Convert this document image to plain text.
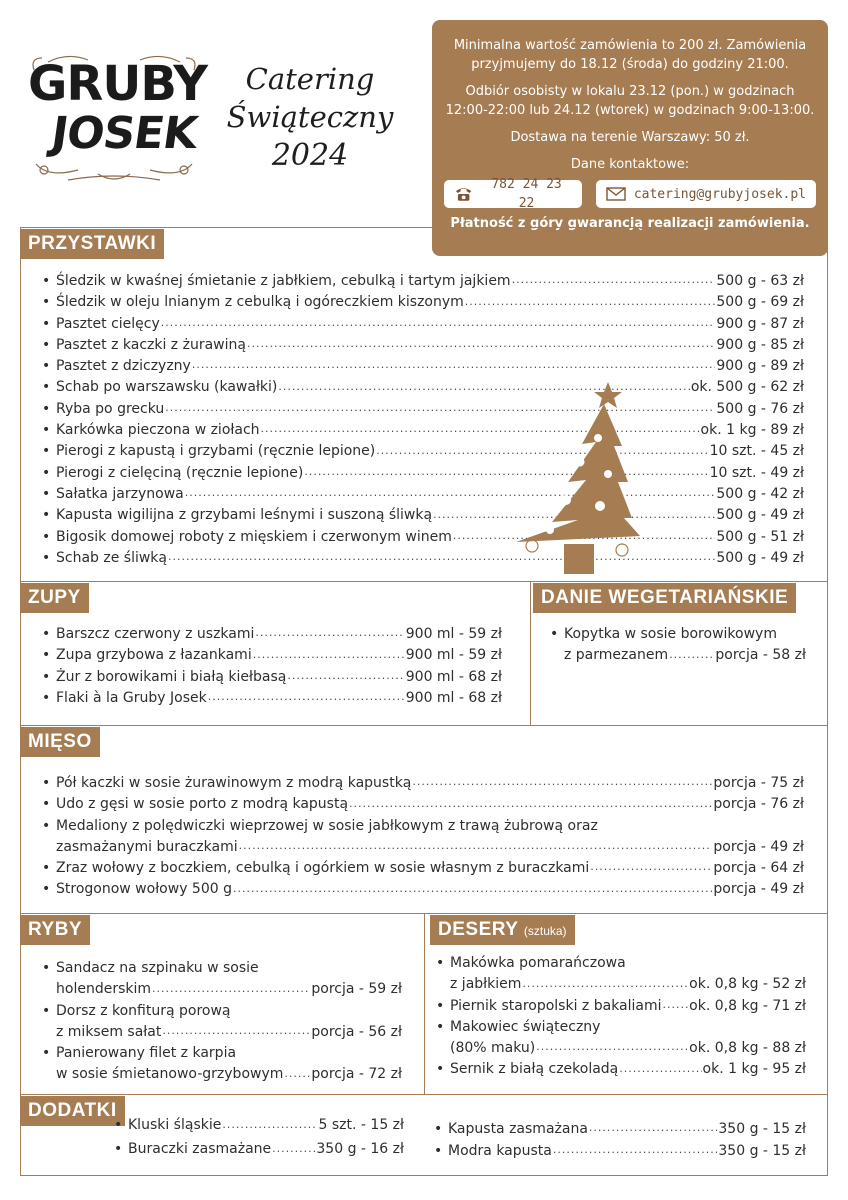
GRUBY
JOSEK
Catering
Świąteczny
2024

Minimalna wartość zamówienia to 200 zł. Zamówienia przyjmujemy do 18.12 (środa) do godziny 21:00.

Odbiór osobisty w lokalu 23.12 (pon.) w godzinach 12:00-22:00 lub 24.12 (wtorek) w godzinach 9:00-13:00.

Dostawa na terenie Warszawy: 50 zł.

Dane kontaktowe:

782 24 23 22
catering@grubyjosek.pl

Płatność z góry gwarancją realizacji zamówienia.

PRZYSTAWKI
• Śledzik w kwaśnej śmietanie z jabłkiem, cebulką i tartym jajkiem .....	500 g - 63 zł
• Śledzik w oleju lnianym z cebulką i ogóreczkiem kiszonym .....	500 g - 69 zł
• Pasztet cielęcy .....	900 g - 87 zł
• Pasztet z kaczki z żurawiną .....	900 g - 85 zł
• Pasztet z dziczyzny .....	900 g - 89 zł
• Schab po warszawsku (kawałki) .....	ok. 500 g - 62 zł
• Ryba po grecku .....	500 g - 76 zł
• Karkówka pieczona w ziołach .....	ok. 1 kg - 89 zł
• Pierogi z kapustą i grzybami (ręcznie lepione) .....	10 szt. - 45 zł
• Pierogi z cielęciną (ręcznie lepione) .....	10 szt. - 49 zł
• Sałatka jarzynowa .....	500 g - 42 zł
• Kapusta wigilijna z grzybami leśnymi i suszoną śliwką .....	500 g - 49 zł
• Bigosik domowej roboty z mięskiem i czerwonym winem .....	500 g - 51 zł
• Schab ze śliwką .....	500 g - 49 zł
ZUPY	DANIE WEGETARIAŃSKIE
• Barszcz czerwony z uszkami .....	900 ml - 59 zł
• Zupa grzybowa z łazankami .....	900 ml - 59 zł
• Żur z borowikami i białą kiełbasą .....	900 ml - 68 zł
• Flaki à la Gruby Josek .....	900 ml - 68 zł
• Kopytka w sosie borowikowym
z parmezanem .....	porcja - 58 zł
MIĘSO
• Pół kaczki w sosie żurawinowym z modrą kapustką .....	porcja - 75 zł
• Udo z gęsi w sosie porto z modrą kapustą .....	porcja - 76 zł
• Medaliony z polędwiczki wieprzowej w sosie jabłkowym z trawą żubrową oraz
zasmażanymi buraczkami .....	porcja - 49 zł
• Zraz wołowy z boczkiem, cebulką i ogórkiem w sosie własnym z buraczkami .....	porcja - 64 zł
• Strogonow wołowy 500 g .....	porcja - 49 zł
RYBY	DESERY (sztuka)
• Sandacz na szpinaku w sosie
holenderskim .....	porcja - 59 zł
• Dorsz z konfiturą porową
z miksem sałat .....	porcja - 56 zł
• Panierowany filet z karpia
w sosie śmietanowo-grzybowym ..... porcja - 72 zł
• Makówka pomarańczowa
z jabłkiem .....	ok. 0,8 kg - 52 zł
• Piernik staropolski z bakaliami ..... ok. 0,8 kg - 71 zł
• Makowiec świąteczny
(80% maku) .....	ok. 0,8 kg - 88 zł
• Sernik z białą czekoladą .....	ok. 1 kg - 95 zł
DODATKI
• Kluski śląskie .....	5 szt. - 15 zł
• Buraczki zasmażane .....	350 g - 16 zł
• Kapusta zasmażana .....	350 g - 15 zł
• Modra kapusta .....	350 g - 15 zł
